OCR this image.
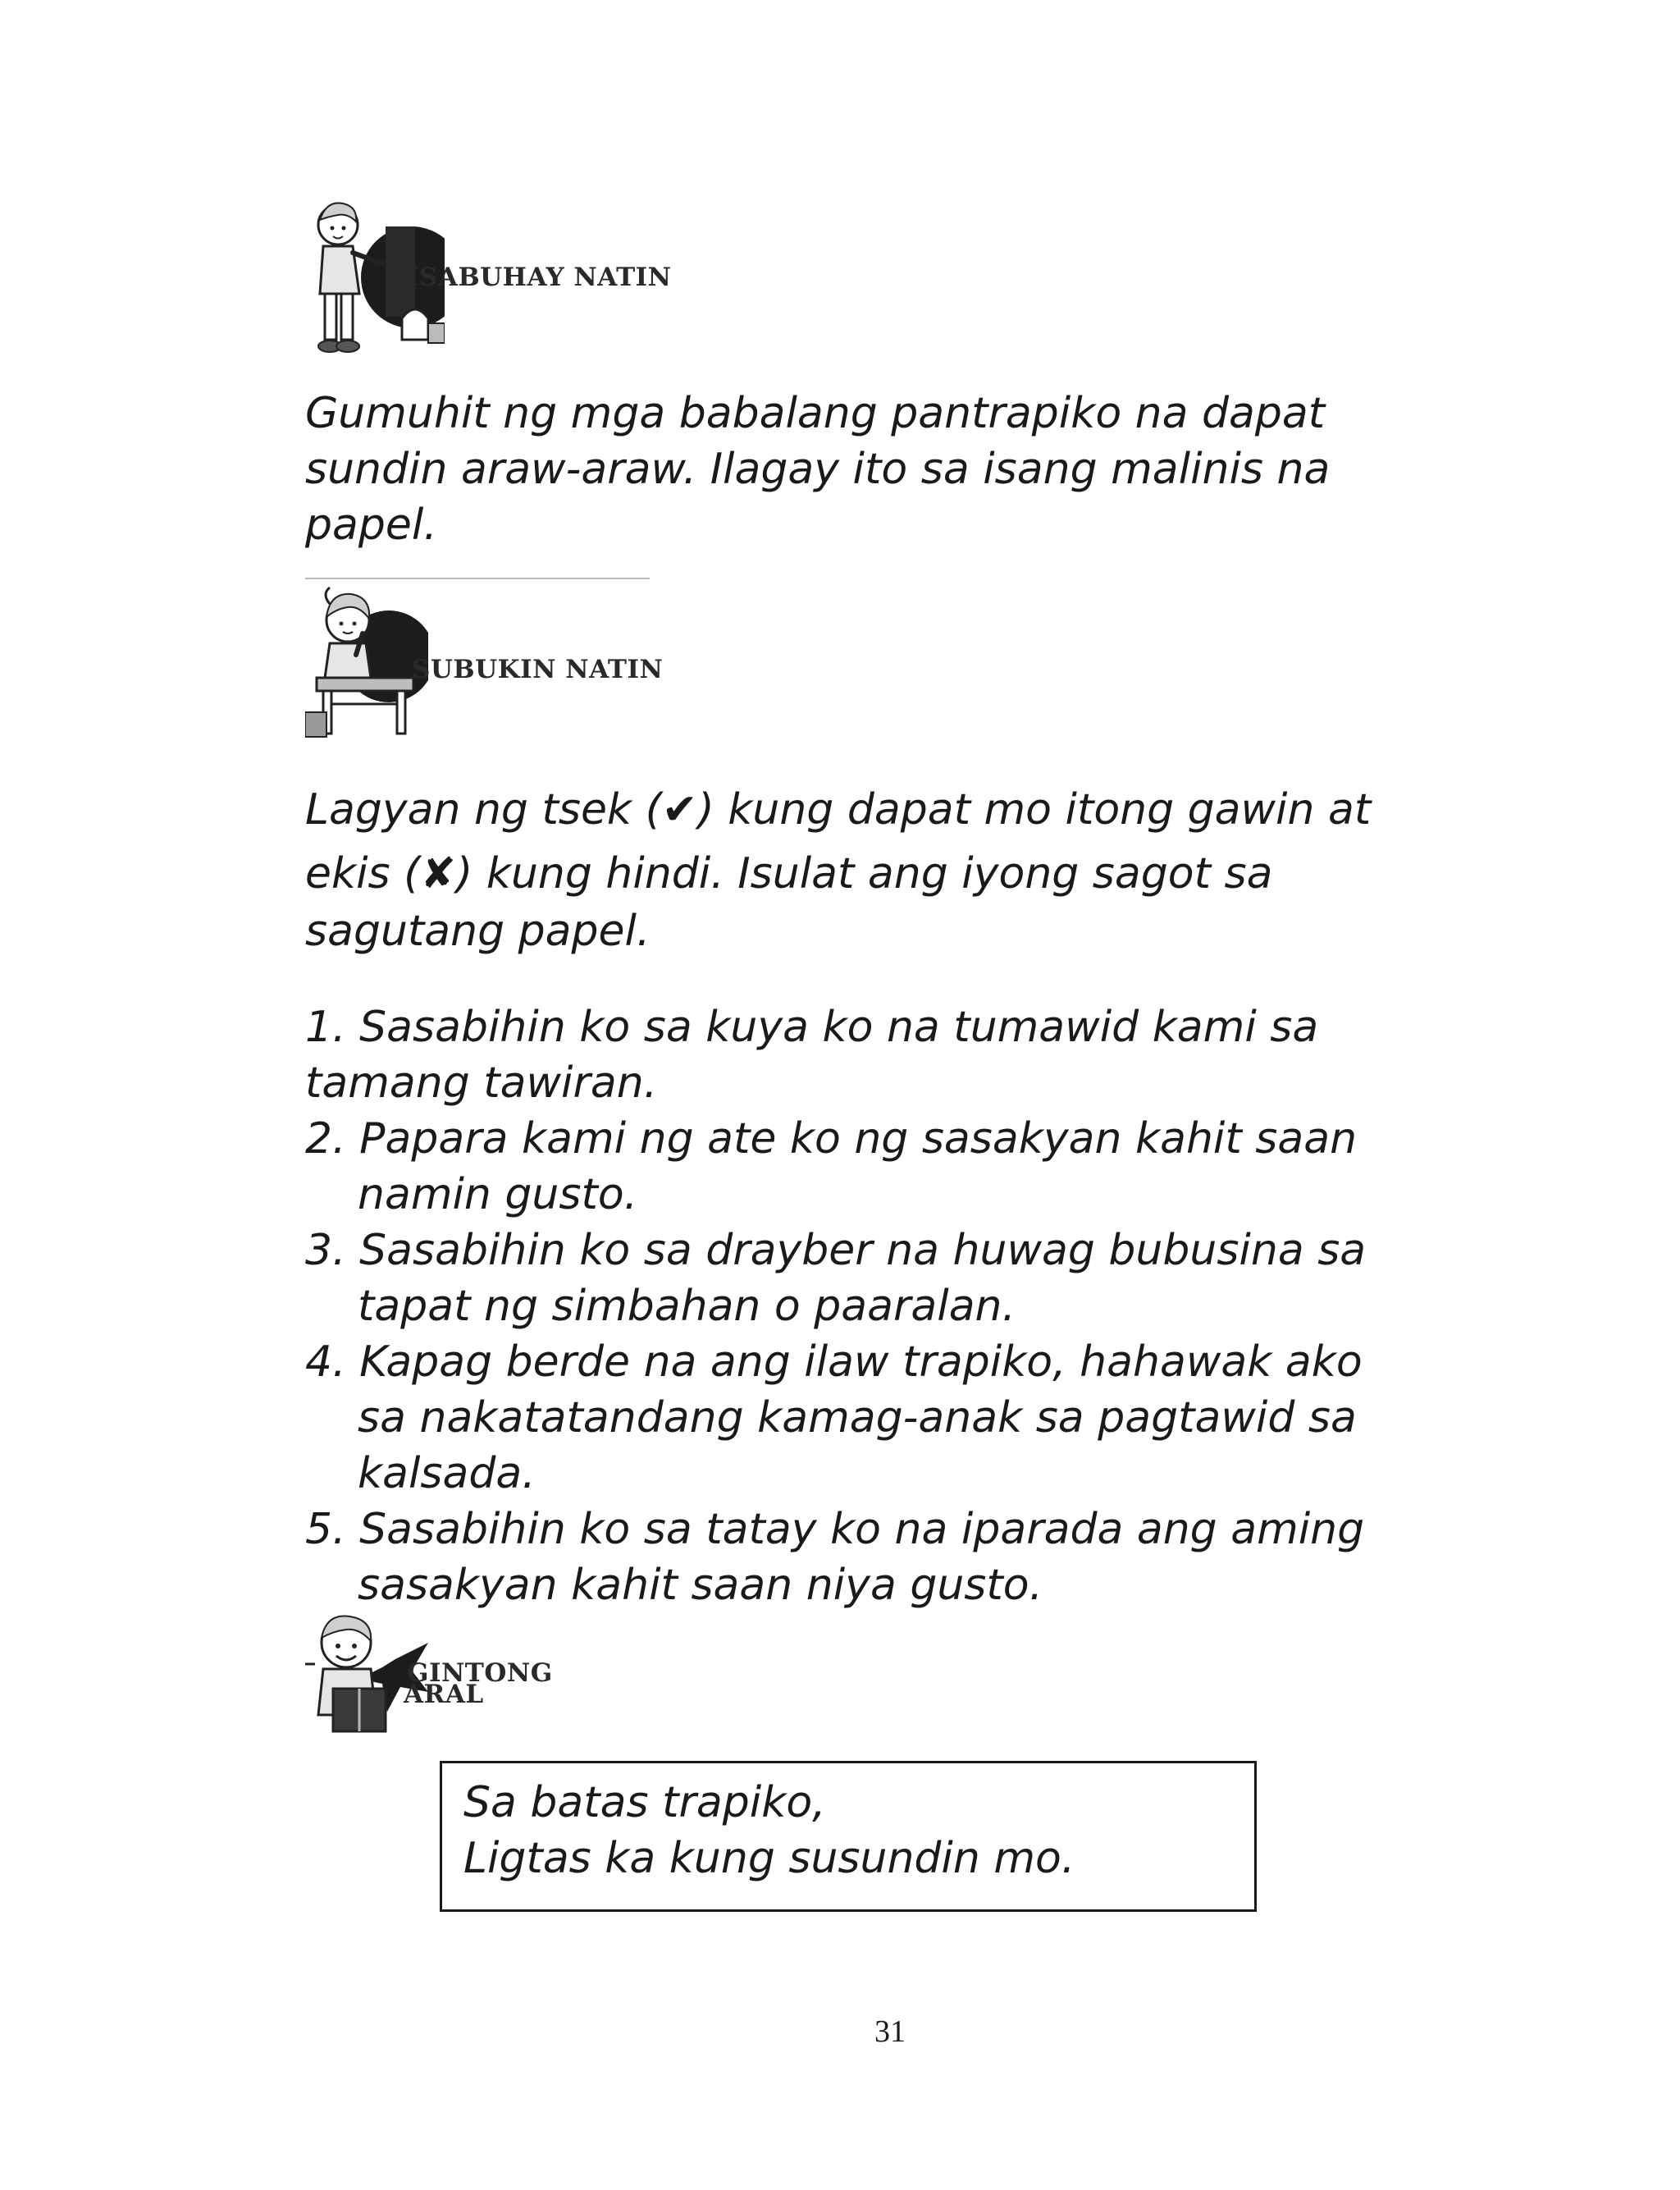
ISABUHAY NATIN
Gumuhit ng mga babalang pantrapiko na dapat
sundin araw-araw. Ilagay ito sa isang malinis na
papel.
SUBUKIN NATIN
Lagyan ng tsek (✔) kung dapat mo itong gawin at
ekis (✘) kung hindi. Isulat ang iyong sagot sa
sagutang papel.
1. Sasabihin ko sa kuya ko na tumawid kami sa
tamang tawiran.
2. Papara kami ng ate ko ng sasakyan kahit saan
namin gusto.
3. Sasabihin ko sa drayber na huwag bubusina sa
tapat ng simbahan o paaralan.
4. Kapag berde na ang ilaw trapiko, hahawak ako
sa nakatatandang kamag-anak sa pagtawid sa
kalsada.
5. Sasabihin ko sa tatay ko na iparada ang aming
sasakyan kahit saan niya gusto.
GINTONG
ARAL
Sa batas trapiko,
Ligtas ka kung susundin mo.
31
